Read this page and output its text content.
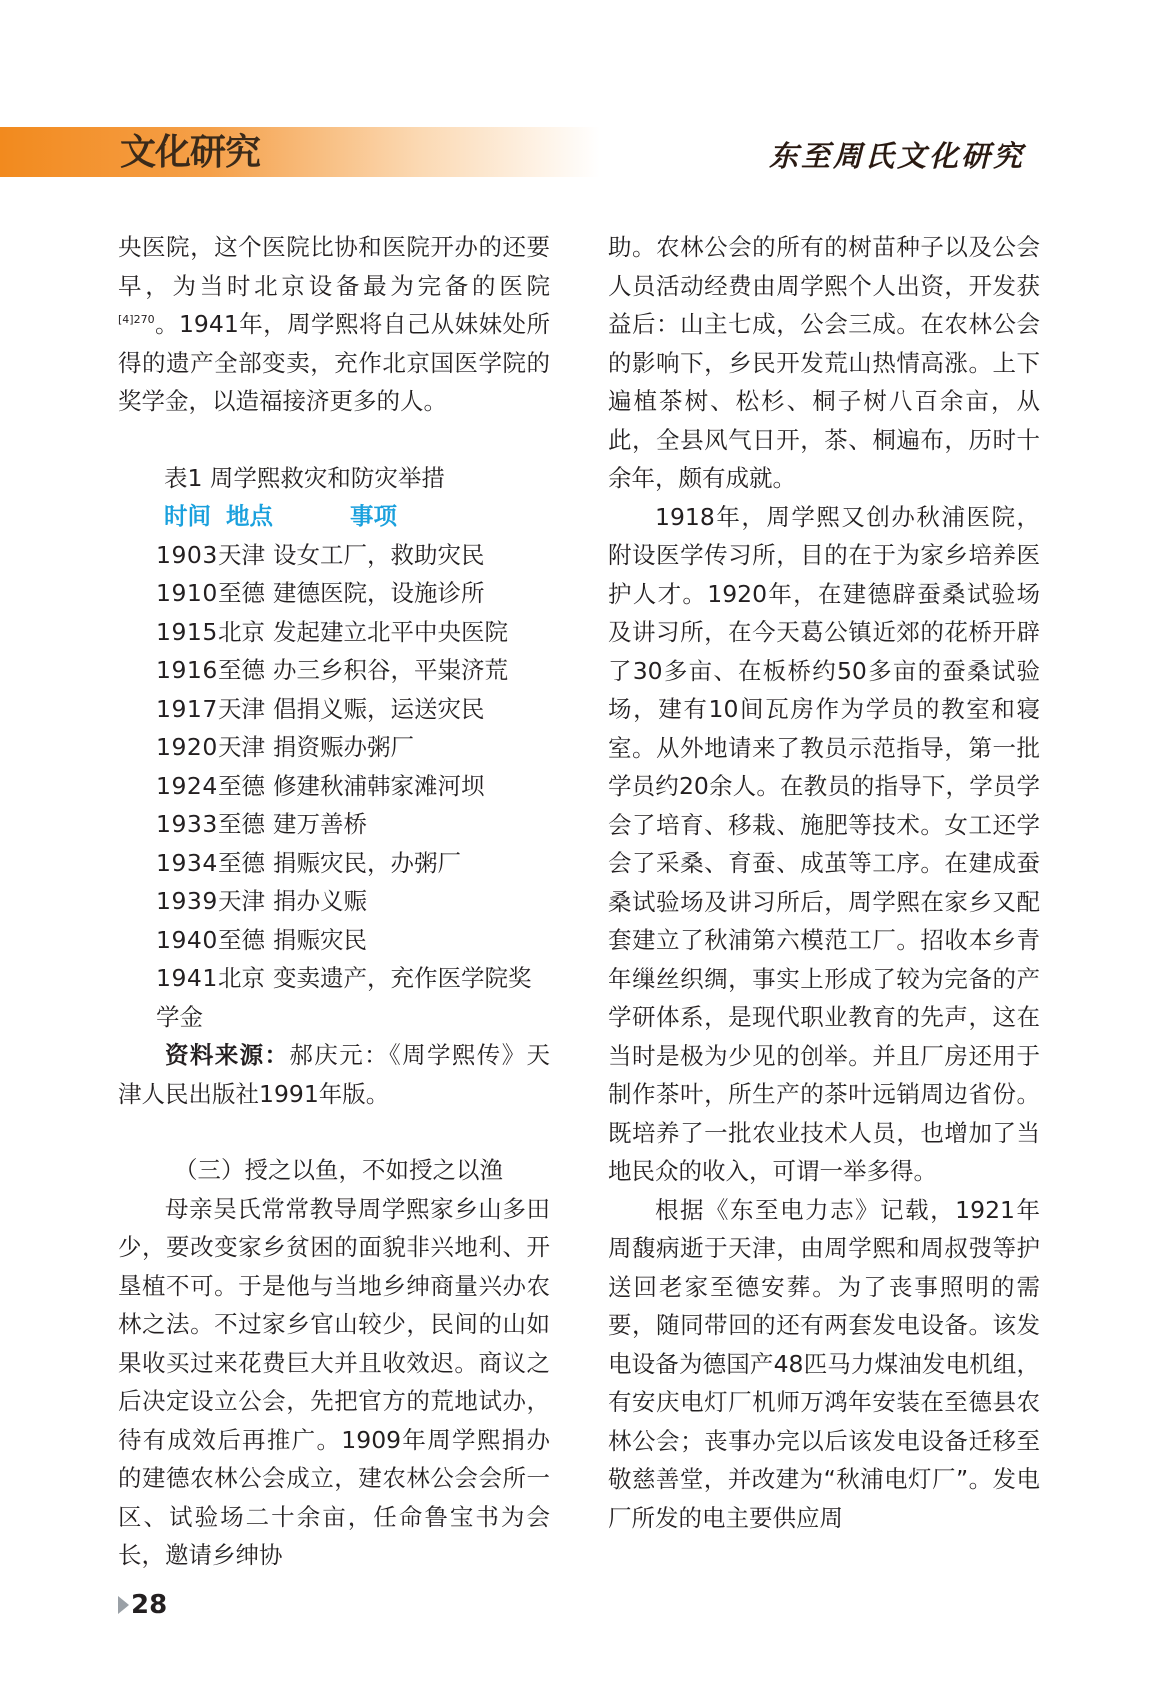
文化研究	东至周氏文化研究

央医院，这个医院比协和医院开办的还要早，为当时北京设备最为完备的医院$^{[4]270}$。1941年，周学熙将自己从妹妹处所得的遗产全部变卖，充作北京国医学院的奖学金，以造福接济更多的人。

表1 周学熙救灾和防灾举措
时间 地点	事项
1903天津 设女工厂，救助灾民
1910至德 建德医院，设施诊所
1915北京 发起建立北平中央医院
1916至德 办三乡积谷，平粜济荒
1917天津 倡捐义赈，运送灾民
1920天津 捐资赈办粥厂
1924至德 修建秋浦韩家滩河坝
1933至德 建万善桥
1934至德 捐赈灾民，办粥厂
1939天津 捐办义赈
1940至德 捐赈灾民
1941北京 变卖遗产，充作医学院奖学金

资料来源：郝庆元：《周学熙传》天津人民出版社1991年版。

（三）授之以鱼，不如授之以渔

母亲吴氏常常教导周学熙家乡山多田少，要改变家乡贫困的面貌非兴地利、开垦植不可。于是他与当地乡绅商量兴办农林之法。不过家乡官山较少，民间的山如果收买过来花费巨大并且收效迟。商议之后决定设立公会，先把官方的荒地试办，待有成效后再推广。1909年周学熙捐办的建德农林公会成立，建农林公会会所一区、试验场二十余亩，任命鲁宝书为会长，邀请乡绅协

助。农林公会的所有的树苗种子以及公会人员活动经费由周学熙个人出资，开发获益后：山主七成，公会三成。在农林公会的影响下，乡民开发荒山热情高涨。上下遍植茶树、松杉、桐子树八百余亩，从此，全县风气日开，茶、桐遍布，历时十余年，颇有成就。

1918年，周学熙又创办秋浦医院，附设医学传习所，目的在于为家乡培养医护人才。1920年，在建德辟蚕桑试验场及讲习所，在今天葛公镇近郊的花桥开辟了30多亩、在板桥约50多亩的蚕桑试验场，建有10间瓦房作为学员的教室和寝室。从外地请来了教员示范指导，第一批学员约20余人。在教员的指导下，学员学会了培育、移栽、施肥等技术。女工还学会了采桑、育蚕、成茧等工序。在建成蚕桑试验场及讲习所后，周学熙在家乡又配套建立了秋浦第六模范工厂。招收本乡青年缫丝织绸，事实上形成了较为完备的产学研体系，是现代职业教育的先声，这在当时是极为少见的创举。并且厂房还用于制作茶叶，所生产的茶叶远销周边省份。既培养了一批农业技术人员，也增加了当地民众的收入，可谓一举多得。

根据《东至电力志》记载，1921年周馥病逝于天津，由周学熙和周叔弢等护送回老家至德安葬。为了丧事照明的需要，随同带回的还有两套发电设备。该发电设备为德国产48匹马力煤油发电机组，有安庆电灯厂机师万鸿年安装在至德县农林公会；丧事办完以后该发电设备迁移至敬慈善堂，并改建为“秋浦电灯厂”。发电厂所发的电主要供应周

28
